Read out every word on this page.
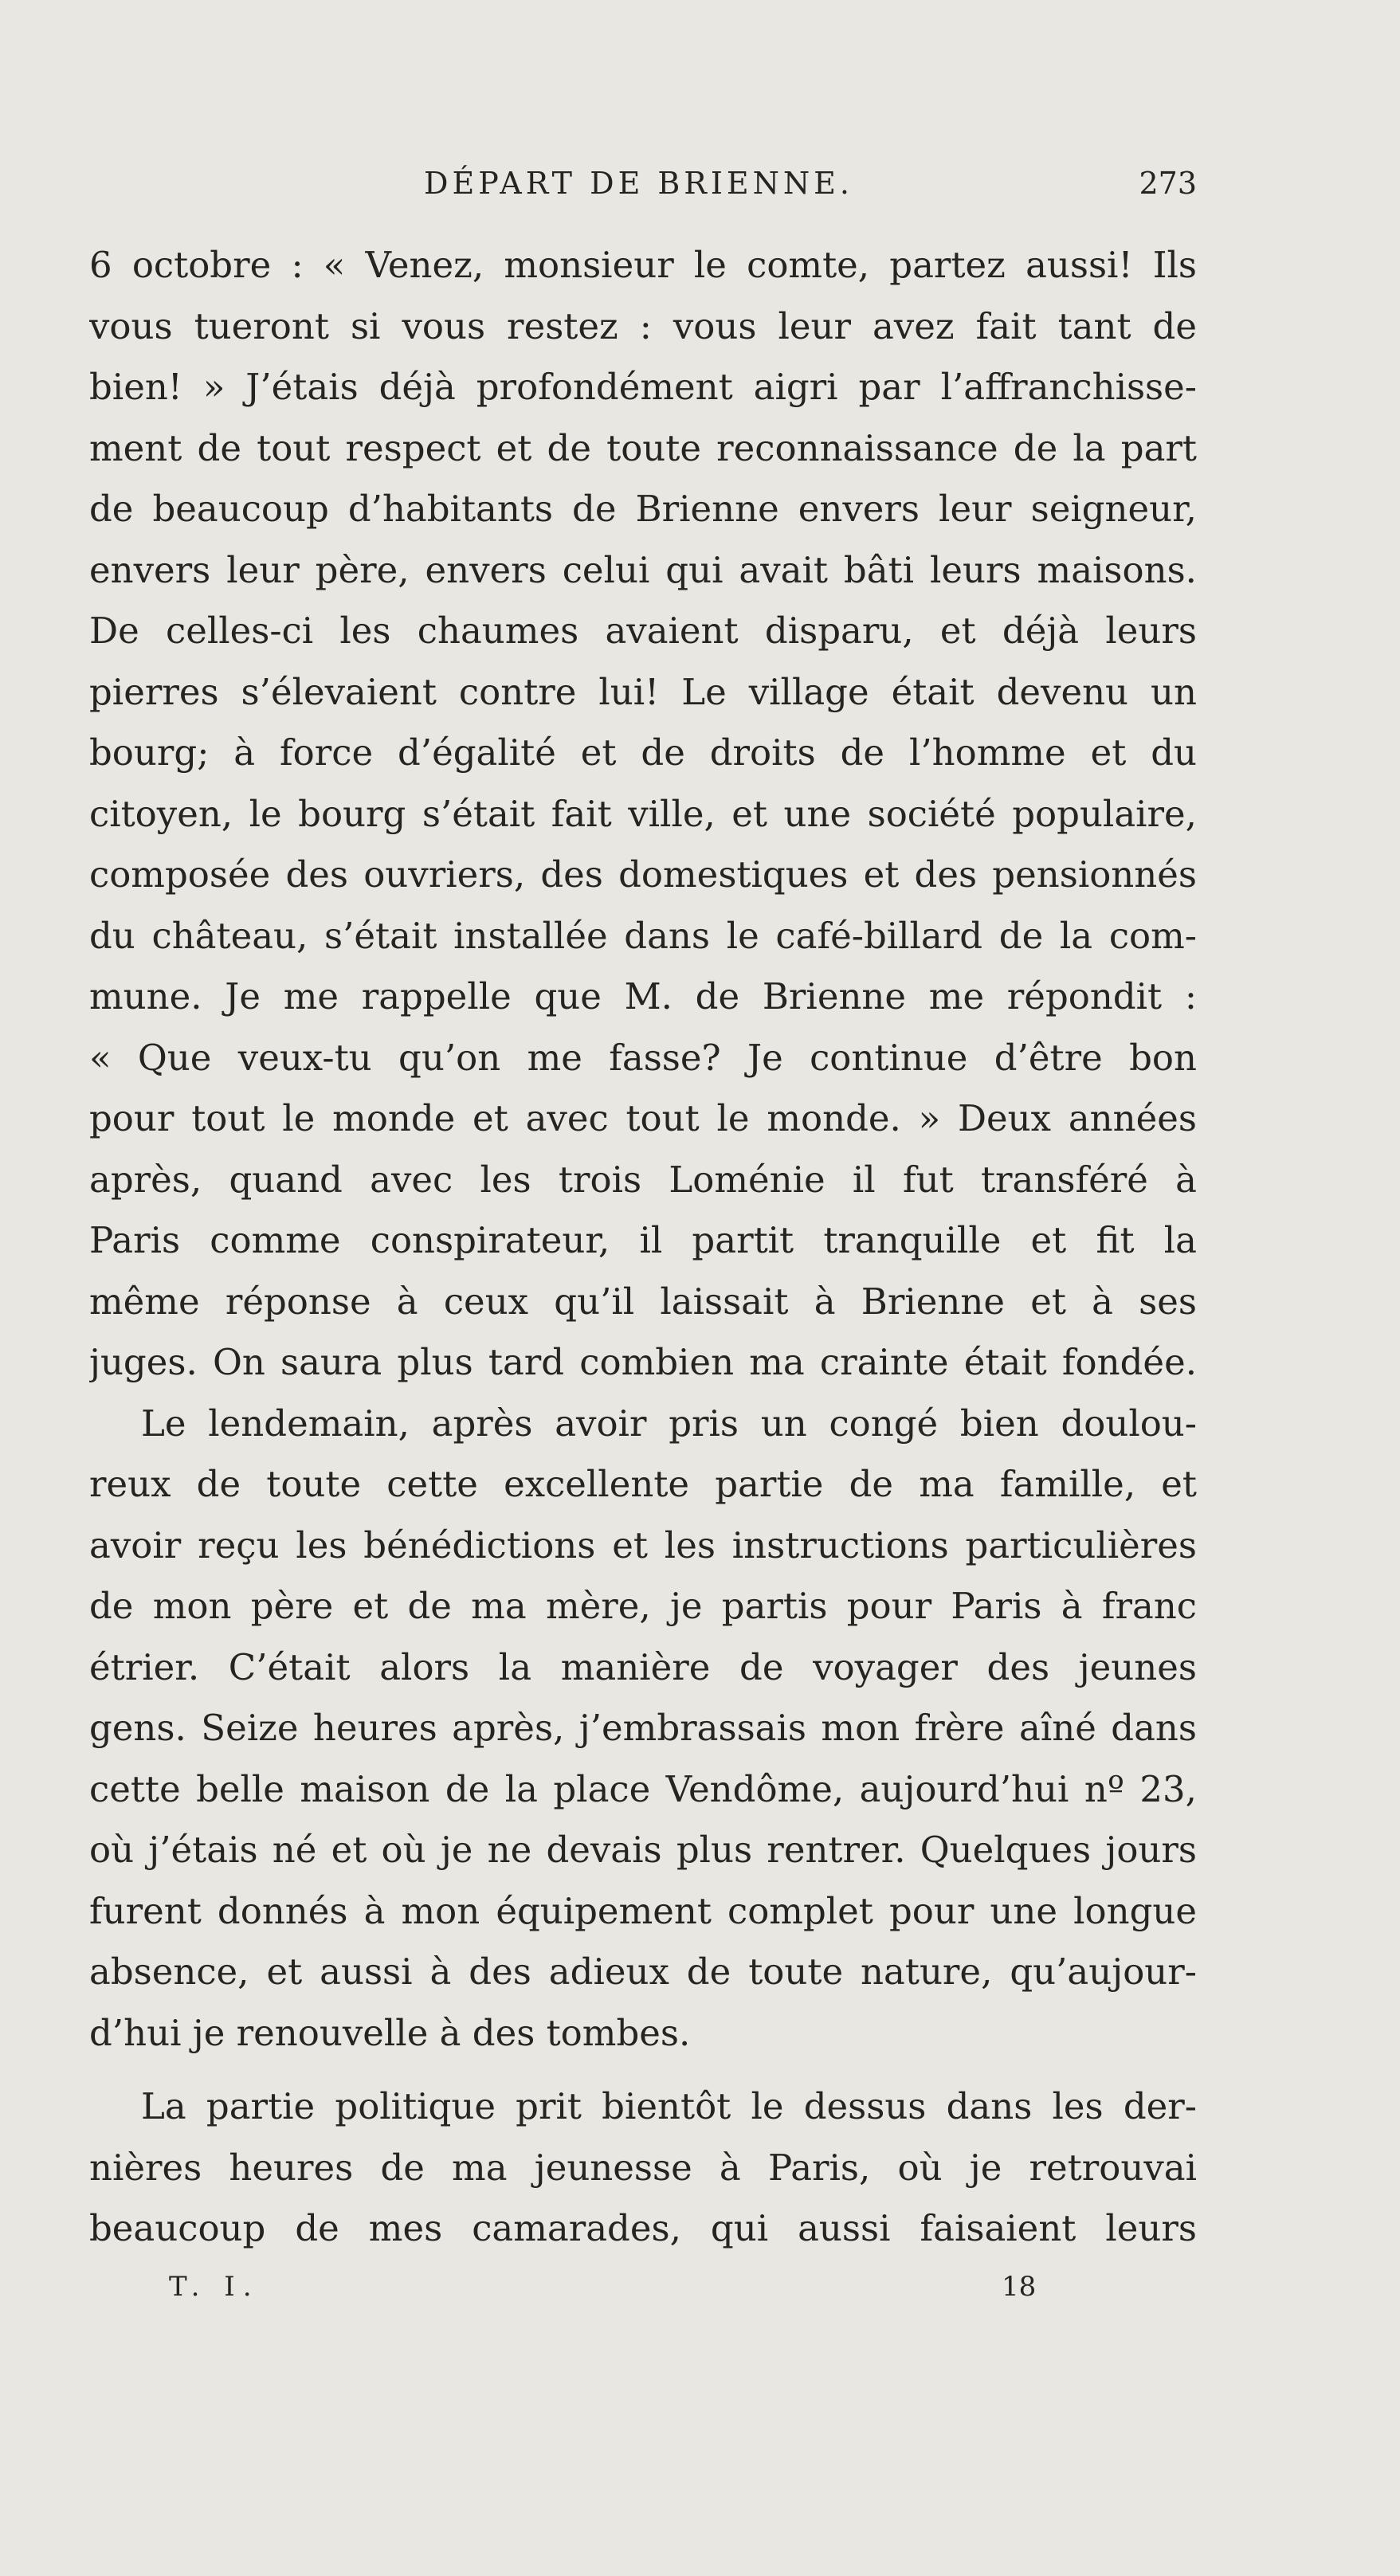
DÉPART DE BRIENNE.	273
6 octobre : « Venez, monsieur le comte, partez aussi! Ils
vous tueront si vous restez : vous leur avez fait tant de
bien! » J’étais déjà profondément aigri par l’affranchisse-
ment de tout respect et de toute reconnaissance de la part
de beaucoup d’habitants de Brienne envers leur seigneur,
envers leur père, envers celui qui avait bâti leurs maisons.
De celles-ci les chaumes avaient disparu, et déjà leurs
pierres s’élevaient contre lui! Le village était devenu un
bourg; à force d’égalité et de droits de l’homme et du
citoyen, le bourg s’était fait ville, et une société populaire,
composée des ouvriers, des domestiques et des pensionnés
du château, s’était installée dans le café-billard de la com-
mune. Je me rappelle que M. de Brienne me répondit :
« Que veux-tu qu’on me fasse? Je continue d’être bon
pour tout le monde et avec tout le monde. » Deux années
après, quand avec les trois Loménie il fut transféré à
Paris comme conspirateur, il partit tranquille et fit la
même réponse à ceux qu’il laissait à Brienne et à ses
juges. On saura plus tard combien ma crainte était fondée.
Le lendemain, après avoir pris un congé bien doulou-
reux de toute cette excellente partie de ma famille, et
avoir reçu les bénédictions et les instructions particulières
de mon père et de ma mère, je partis pour Paris à franc
étrier. C’était alors la manière de voyager des jeunes
gens. Seize heures après, j’embrassais mon frère aîné dans
cette belle maison de la place Vendôme, aujourd’hui nº 23,
où j’étais né et où je ne devais plus rentrer. Quelques jours
furent donnés à mon équipement complet pour une longue
absence, et aussi à des adieux de toute nature, qu’aujour-
d’hui je renouvelle à des tombes.
La partie politique prit bientôt le dessus dans les der-
nières heures de ma jeunesse à Paris, où je retrouvai
beaucoup de mes camarades, qui aussi faisaient leurs
T. I.	18
